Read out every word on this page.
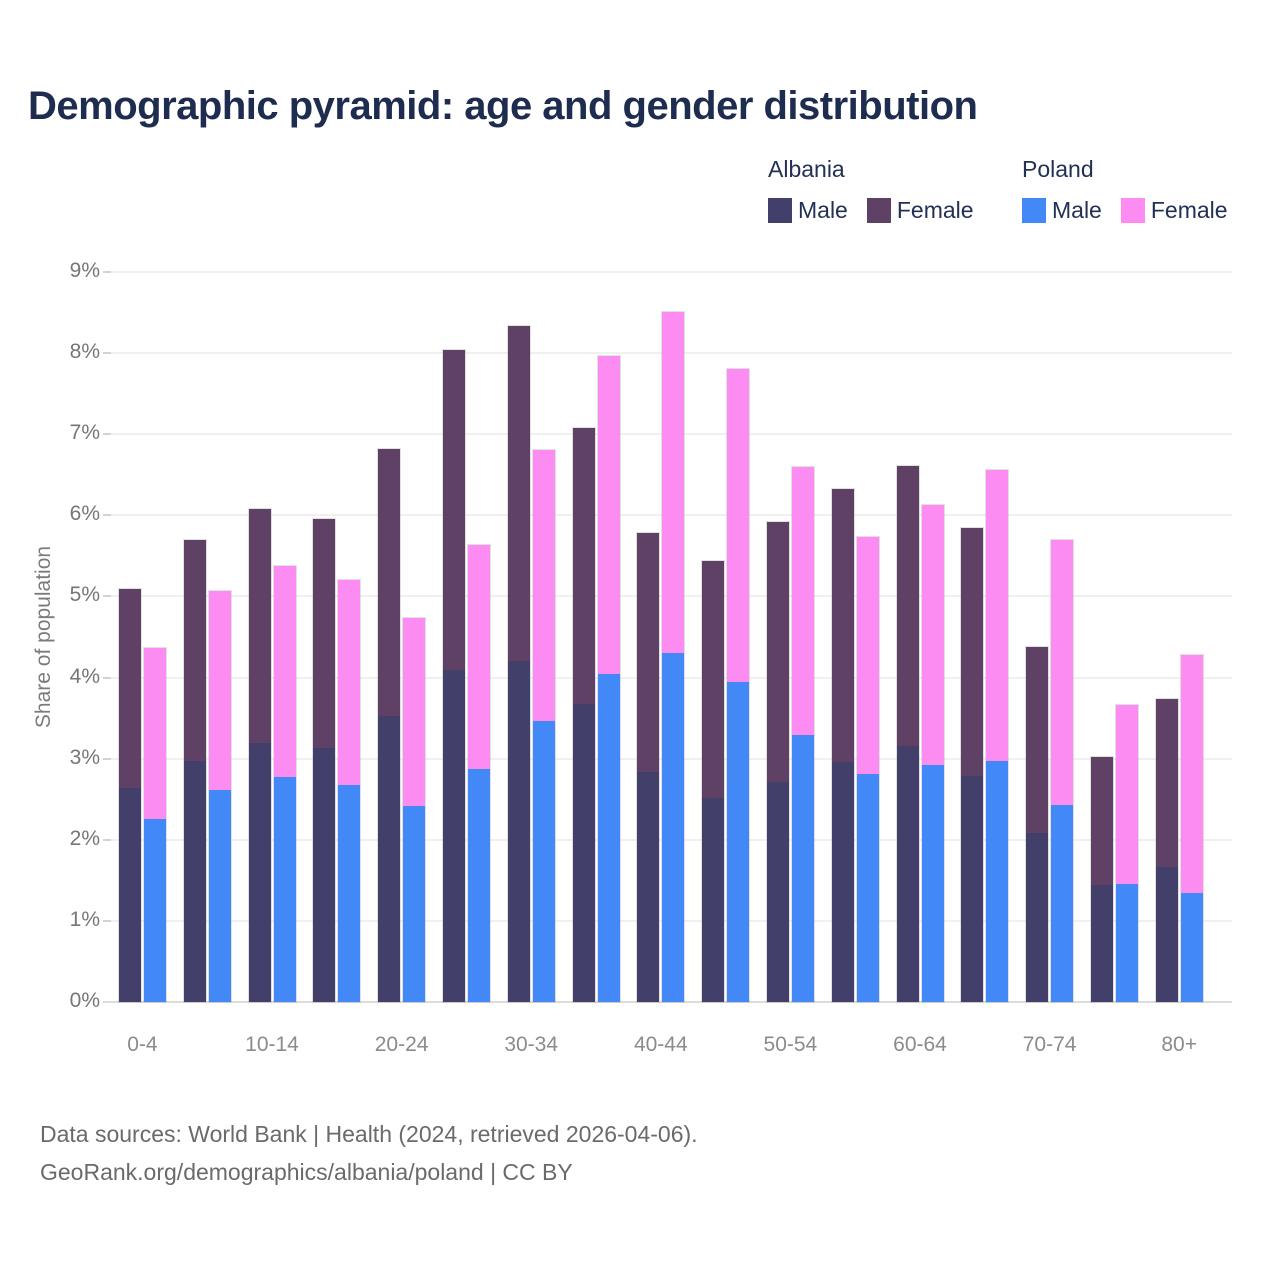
Demographic pyramid: age and gender distribution
Albania
Male Female
Poland
Male Female
Share of population
0%
1%
2%
3%
4%
5%
6%
7%
8%
9%
0-4	10-14	20-24	30-34	40-44	50-54	60-64	70-74	80+
Data sources: World Bank | Health (2024, retrieved 2026-04-06).
GeoRank.org/demographics/albania/poland | CC BY
